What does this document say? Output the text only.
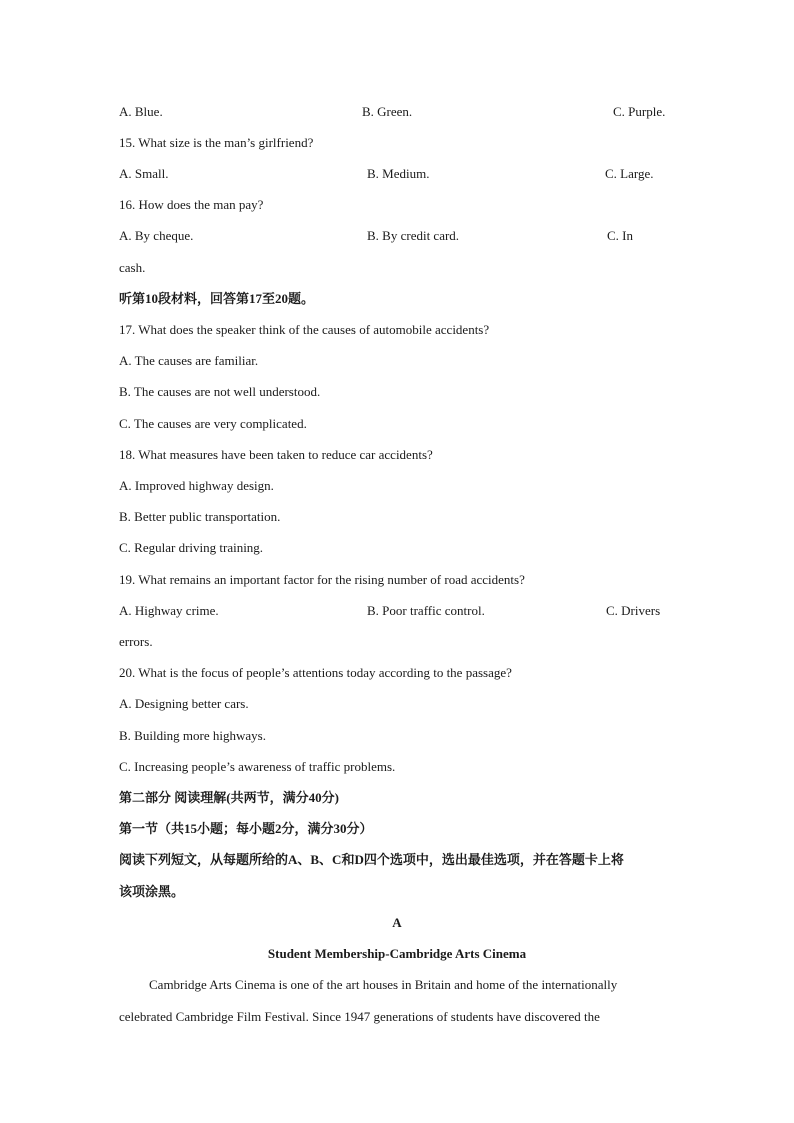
A. Blue.	B. Green.	C. Purple.
15. What size is the man’s girlfriend?
A. Small.	B. Medium.	C. Large.
16. How does the man pay?
A. By cheque.	B. By credit card.	C. In
cash.
听第10段材料，回答第17至20题。
17. What does the speaker think of the causes of automobile accidents?
A. The causes are familiar.
B. The causes are not well understood.
C. The causes are very complicated.
18. What measures have been taken to reduce car accidents?
A. Improved highway design.
B. Better public transportation.
C. Regular driving training.
19. What remains an important factor for the rising number of road accidents?
A. Highway crime.	B. Poor traffic control.	C. Drivers
errors.
20. What is the focus of people’s attentions today according to the passage?
A. Designing better cars.
B. Building more highways.
C. Increasing people’s awareness of traffic problems.
第二部分 阅读理解(共两节，满分40分)
第一节（共15小题；每小题2分，满分30分）
阅读下列短文，从每题所给的A、B、C和D四个选项中，选出最佳选项，并在答题卡上将
该项涂黑。
A
Student Membership-Cambridge Arts Cinema
Cambridge Arts Cinema is one of the art houses in Britain and home of the internationally
celebrated Cambridge Film Festival. Since 1947 generations of students have discovered the
